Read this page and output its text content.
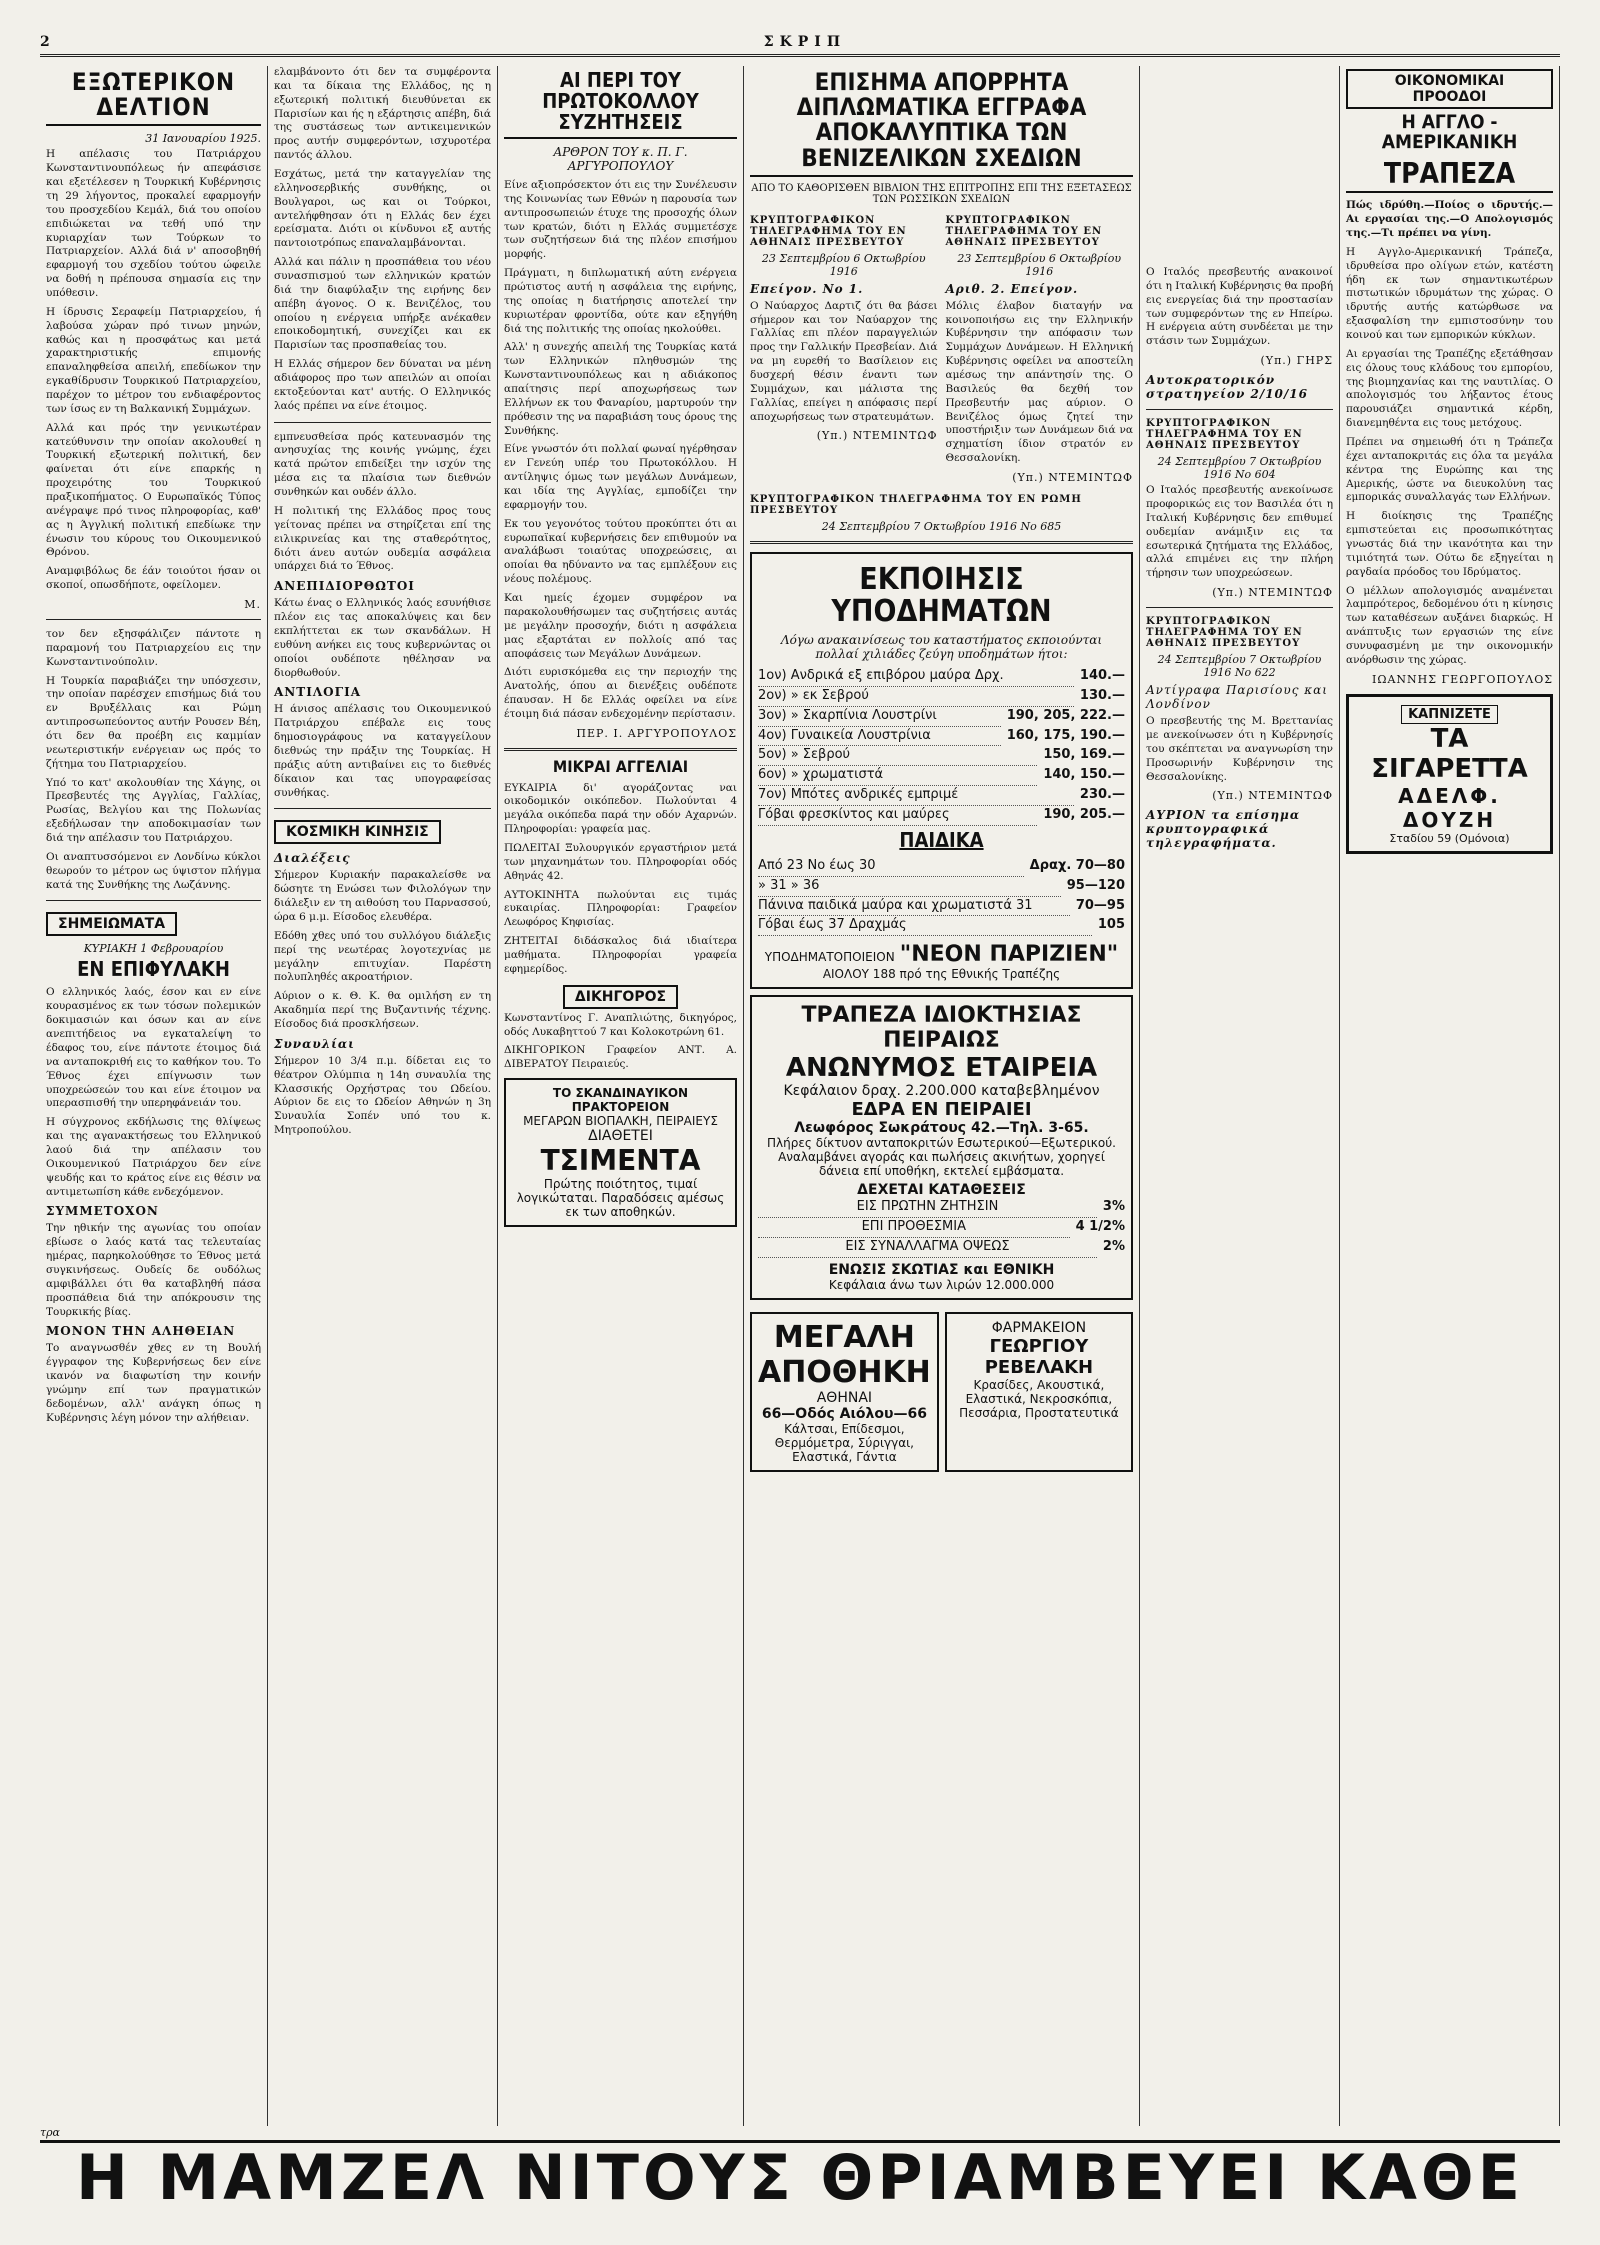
2	ΣΚΡΙΠ
ΕΞΩΤΕΡΙΚΟΝ ΔΕΛΤΙΟΝ
31 Ιανουαρίου 1925.

Η απέλασις του Πατριάρχου Κωνσταντινουπόλεως ήν απεφάσισε και εξετέλεσεν η Τουρκική Κυβέρνησις τη 29 λήγοντος, προκαλεί εφαρμογήν του προσχεδίου Κεμάλ, διά του οποίου επιδιώκεται να τεθή υπό την κυριαρχίαν των Τούρκων το Πατριαρχείον. Αλλά διά ν' αποσοβηθή εφαρμογή του σχεδίου τούτου ώφειλε να δοθή η πρέπουσα σημασία εις την υπόθεσιν.

Η ίδρυσις Σεραφείμ Πατριαρχείου, ή λαβούσα χώραν πρό τινων μηνών, καθώς και η προσφάτως και μετά χαρακτηριστικής επιμονής επαναληφθείσα απειλή, επεδίωκον την εγκαθίδρυσιν Τουρκικού Πατριαρχείου, παρέχον το μέτρον του ενδιαφέροντος των ίσως εν τη Βαλκανική Συμμάχων.

Αλλά και πρός την γενικωτέραν κατεύθυνσιν την οποίαν ακολουθεί η Τουρκική εξωτερική πολιτική, δεν φαίνεται ότι είνε επαρκής η προχειρότης του Τουρκικού πραξικοπήματος. Ο Ευρωπαϊκός Τύπος ανέγραψε πρό τινος πληροφορίας, καθ' ας η Άγγλική πολιτική επεδίωκε την ένωσιν του κύρους του Οικουμενικού Θρόνου.

Αναμφιβόλως δε έάν τοιούτοι ήσαν οι σκοποί, οπωσδήποτε, οφείλομεν.

Μ.

τον δεν εξησφάλιζεν πάντοτε η παραμονή του Πατριαρχείου εις την Κωνσταντινούπολιν.

Η Τουρκία παραβιάζει την υπόσχεσιν, την οποίαν παρέσχεν επισήμως διά του εν Βρυξέλλαις και Ρώμη αντιπροσωπεύοντος αυτήν Ρουσεν Βέη, ότι δεν θα προέβη εις καμμίαν νεωτεριστικήν ενέργειαν ως πρός το ζήτημα του Πατριαρχείου.

Υπό το κατ' ακολουθίαν της Χάγης, οι Πρεσβευτές της Αγγλίας, Γαλλίας, Ρωσίας, Βελγίου και της Πολωνίας εξεδήλωσαν την αποδοκιμασίαν των διά την απέλασιν του Πατριάρχου.

Οι αναπτυσσόμενοι εν Λονδίνω κύκλοι θεωρούν το μέτρον ως ύψιστον πλήγμα κατά της Συνθήκης της Λωζάννης.

ΣΗΜΕΙΩΜΑΤΑ
ΚΥΡΙΑΚΗ 1 Φεβρουαρίου
ΕΝ ΕΠΙΦΥΛΑΚΗ

Ο ελληνικός λαός, έσον και εν είνε κουρασμένος εκ των τόσων πολεμικών δοκιμασιών και όσων και αν είνε ανεπιτήδειος να εγκαταλείψη το έδαφος του, είνε πάντοτε έτοιμος διά να ανταποκριθή εις το καθήκον του. Το Έθνος έχει επίγνωσιν των υποχρεώσεών του και είνε έτοιμον να υπερασπισθή την υπερηφάνειάν του.

Η σύγχρονος εκδήλωσις της θλίψεως και της αγανακτήσεως του Ελληνικού λαού διά την απέλασιν του Οικουμενικού Πατριάρχου δεν είνε ψευδής και το κράτος είνε εις θέσιν να αντιμετωπίση κάθε ενδεχόμενον.

ΣΥΜΜΕΤΟΧΟΝ

Την ηθικήν της αγωνίας του οποίαν εβίωσε ο λαός κατά τας τελευταίας ημέρας, παρηκολούθησε το Έθνος μετά συγκινήσεως. Ουδείς δε ουδόλως αμφιβάλλει ότι θα καταβληθή πάσα προσπάθεια διά την απόκρουσιν της Τουρκικής βίας.

ΜΟΝΟΝ ΤΗΝ ΑΛΗΘΕΙΑΝ

Το αναγνωσθέν χθες εν τη Βουλή έγγραφον της Κυβερνήσεως δεν είνε ικανόν να διαφωτίση την κοινήν γνώμην επί των πραγματικών δεδομένων, αλλ' ανάγκη όπως η Κυβέρνησις λέγη μόνον την αλήθειαν.

ελαμβάνοντο ότι δεν τα συμφέροντα και τα δίκαια της Ελλάδος, ης η εξωτερική πολιτική διευθύνεται εκ Παρισίων και ής η εξάρτησις απέβη, διά της συστάσεως των αντικειμενικών προς αυτήν συμφερόντων, ισχυροτέρα παντός άλλου.

Εσχάτως, μετά την καταγγελίαν της ελληνοσερβικής συνθήκης, οι Βουλγαροι, ως και οι Τούρκοι, αντελήφθησαν ότι η Ελλάς δεν έχει ερείσματα. Διότι οι κίνδυνοι εξ αυτής παντοιοτρόπως επαναλαμβάνονται.

Αλλά και πάλιν η προσπάθεια του νέου συνασπισμού των ελληνικών κρατών διά την διαφύλαξιν της ειρήνης δεν απέβη άγονος. Ο κ. Βενιζέλος, του οποίου η ενέργεια υπήρξε ανέκαθεν εποικοδομητική, συνεχίζει και εκ Παρισίων τας προσπαθείας του.

Η Ελλάς σήμερον δεν δύναται να μένη αδιάφορος προ των απειλών αι οποίαι εκτοξεύονται κατ' αυτής. Ο Ελληνικός λαός πρέπει να είνε έτοιμος.

εμπνευσθείσα πρός κατευνασμόν της ανησυχίας της κοινής γνώμης, έχει κατά πρώτον επιδείξει την ισχύν της μέσα εις τα πλαίσια των διεθνών συνθηκών και ουδέν άλλο.

Η πολιτική της Ελλάδος προς τους γείτονας πρέπει να στηρίζεται επί της ειλικρινείας και της σταθερότητος, διότι άνευ αυτών ουδεμία ασφάλεια υπάρχει διά το Έθνος.

ΑΝΕΠΙΔΙΟΡΘΩΤΟΙ

Κάτω ένας ο Ελληνικός λαός εσυνήθισε πλέον εις τας αποκαλύψεις και δεν εκπλήττεται εκ των σκανδάλων. Η ευθύνη ανήκει εις τους κυβερνώντας οι οποίοι ουδέποτε ηθέλησαν να διορθωθούν.

ΑΝΤΙΛΟΓΙΑ

Η άνισος απέλασις του Οικουμενικού Πατριάρχου επέβαλε εις τους δημοσιογράφους να καταγγείλουν διεθνώς την πράξιν της Τουρκίας. Η πράξις αύτη αντιβαίνει εις το διεθνές δίκαιον και τας υπογραφείσας συνθήκας.

ΚΟΣΜΙΚΗ ΚΙΝΗΣΙΣ
Διαλέξεις

Σήμερον Κυριακήν παρακαλείσθε να δώσητε τη Ενώσει των Φιλολόγων την διάλεξιν εν τη αιθούση του Παρνασσού, ώρα 6 μ.μ. Είσοδος ελευθέρα.

Εδόθη χθες υπό του συλλόγου διάλεξις περί της νεωτέρας λογοτεχνίας με μεγάλην επιτυχίαν. Παρέστη πολυπληθές ακροατήριον.

Αύριον ο κ. Θ. Κ. θα ομιλήση εν τη Ακαδημία περί της Βυζαντινής τέχνης. Είσοδος διά προσκλήσεων.

Συναυλίαι

Σήμερον 10 3/4 π.μ. δίδεται εις το θέατρον Ολύμπια η 14η συναυλία της Κλασσικής Ορχήστρας του Ωδείου. Αύριον δε εις το Ωδείον Αθηνών η 3η Συναυλία Σοπέν υπό του κ. Μητροπούλου.

ΑΙ ΠΕΡΙ ΤΟΥ ΠΡΩΤΟΚΟΛΛΟΥ ΣΥΖΗΤΗΣΕΙΣ
ΑΡΘΡΟΝ ΤΟΥ κ. Π. Γ. ΑΡΓΥΡΟΠΟΥΛΟΥ

Είνε αξιοπρόσεκτον ότι εις την Συνέλευσιν της Κοινωνίας των Εθνών η παρουσία των αντιπροσωπειών έτυχε της προσοχής όλων των κρατών, διότι η Ελλάς συμμετέσχε των συζητήσεων διά της πλέον επισήμου μορφής.

Πράγματι, η διπλωματική αύτη ενέργεια πρώτιστος αυτή η ασφάλεια της ειρήνης, της οποίας η διατήρησις αποτελεί την κυριωτέραν φροντίδα, ούτε καν εξηγήθη διά της πολιτικής της οποίας ηκολούθει.

Αλλ' η συνεχής απειλή της Τουρκίας κατά των Ελληνικών πληθυσμών της Κωνσταντινουπόλεως και η αδιάκοπος απαίτησις περί αποχωρήσεως των Ελλήνων εκ του Φαναρίου, μαρτυρούν την πρόθεσιν της να παραβιάση τους όρους της Συνθήκης.

Είνε γνωστόν ότι πολλαί φωναί ηγέρθησαν εν Γενεύη υπέρ του Πρωτοκόλλου. Η αντίληψις όμως των μεγάλων Δυνάμεων, και ιδία της Αγγλίας, εμποδίζει την εφαρμογήν του.

Εκ του γεγονότος τούτου προκύπτει ότι αι ευρωπαϊκαί κυβερνήσεις δεν επιθυμούν να αναλάβωσι τοιαύτας υποχρεώσεις, αι οποίαι θα ηδύναντο να τας εμπλέξουν εις νέους πολέμους.

Και ημείς έχομεν συμφέρον να παρακολουθήσωμεν τας συζητήσεις αυτάς με μεγάλην προσοχήν, διότι η ασφάλεια μας εξαρτάται εν πολλοίς από τας αποφάσεις των Μεγάλων Δυνάμεων.

Διότι ευρισκόμεθα εις την περιοχήν της Ανατολής, όπου αι διενέξεις ουδέποτε έπαυσαν. Η δε Ελλάς οφείλει να είνε έτοιμη διά πάσαν ενδεχομένην περίστασιν.

ΠΕΡ. Ι. ΑΡΓΥΡΟΠΟΥΛΟΣ
ΜΙΚΡΑΙ ΑΓΓΕΛΙΑΙ

ΕΥΚΑΙΡΙΑ δι' αγοράζοντας ναι οικοδομικόν οικόπεδον. Πωλούνται 4 μεγάλα οικόπεδα παρά την οδόν Αχαρνών. Πληροφορίαι: γραφεία μας.

ΠΩΛΕΙΤΑΙ Ξυλουργικόν εργαστήριον μετά των μηχανημάτων του. Πληροφορίαι οδός Αθηνάς 42.

ΑΥΤΟΚΙΝΗΤΑ πωλούνται εις τιμάς ευκαιρίας. Πληροφορίαι: Γραφείον Λεωφόρος Κηφισίας.

ΖΗΤΕΙΤΑΙ διδάσκαλος διά ιδιαίτερα μαθήματα. Πληροφορίαι γραφεία εφημερίδος.

ΔΙΚΗΓΟΡΟΣ

Κωνσταντίνος Γ. Αναπλιώτης, δικηγόρος, οδός Λυκαβηττού 7 και Κολοκοτρώνη 61.

ΔΙΚΗΓΟΡΙΚΟΝ Γραφείον ΑΝΤ. Α. ΔΙΒΕΡΑΤΟΥ Πειραιεύς.

ΤΟ ΣΚΑΝΔΙΝΑΥΙΚΟΝ ΠΡΑΚΤΟΡΕΙΟΝ
ΜΕΓΑΡΩΝ ΒΙΟΠΑΛΚΗ, ΠΕΙΡΑΙΕΥΣ
ΔΙΑΘΕΤΕΙ
ΤΣΙΜΕΝΤΑ
Πρώτης ποιότητος, τιμαί λογικώταται. Παραδόσεις αμέσως εκ των αποθηκών.
ΕΠΙΣΗΜΑ ΑΠΟΡΡΗΤΑ ΔΙΠΛΩΜΑΤΙΚΑ ΕΓΓΡΑΦΑ ΑΠΟΚΑΛΥΠΤΙΚΑ ΤΩΝ ΒΕΝΙΖΕΛΙΚΩΝ ΣΧΕΔΙΩΝ
ΑΠΟ ΤΟ ΚΑΘΟΡΙΣΘΕΝ ΒΙΒΛΙΟΝ ΤΗΣ ΕΠΙΤΡΟΠΗΣ ΕΠΙ ΤΗΣ ΕΞΕΤΑΣΕΩΣ ΤΩΝ ΡΩΣΣΙΚΩΝ ΣΧΕΔΙΩΝ
ΚΡΥΠΤΟΓΡΑΦΙΚΟΝ ΤΗΛΕΓΡΑΦΗΜΑ ΤΟΥ ΕΝ ΑΘΗΝΑΙΣ ΠΡΕΣΒΕΥΤΟΥ
23 Σεπτεμβρίου 6 Οκτωβρίου 1916
Επείγον. Νο 1.

Ο Ναύαρχος Δαρτιζ ότι θα βάσει σήμερον και τον Ναύαρχον της Γαλλίας επι πλέον παραγγελιών προς την Γαλλικήν Πρεσβείαν. Διά να μη ευρεθή το Βασίλειον εις δυσχερή θέσιν έναντι των Συμμάχων, και μάλιστα της Γαλλίας, επείγει η απόφασις περί αποχωρήσεως των στρατευμάτων.

(Υπ.) ΝΤΕΜΙΝΤΩΦ
ΚΡΥΠΤΟΓΡΑΦΙΚΟΝ ΤΗΛΕΓΡΑΦΗΜΑ ΤΟΥ ΕΝ ΑΘΗΝΑΙΣ ΠΡΕΣΒΕΥΤΟΥ
23 Σεπτεμβρίου 6 Οκτωβρίου 1916
Αριθ. 2. Επείγον.

Μόλις έλαβον διαταγήν να κοινοποιήσω εις την Ελληνικήν Κυβέρνησιν την απόφασιν των Συμμάχων Δυνάμεων. Η Ελληνική Κυβέρνησις οφείλει να αποστείλη αμέσως την απάντησίν της. Ο Βασιλεύς θα δεχθή τον Πρεσβευτήν μας αύριον. Ο Βενιζέλος όμως ζητεί την υποστήριξιν των Δυνάμεων διά να σχηματίση ίδιον στρατόν εν Θεσσαλονίκη.

(Υπ.) ΝΤΕΜΙΝΤΩΦ
ΚΡΥΠΤΟΓΡΑΦΙΚΟΝ ΤΗΛΕΓΡΑΦΗΜΑ ΤΟΥ ΕΝ ΡΩΜΗ ΠΡΕΣΒΕΥΤΟΥ
24 Σεπτεμβρίου 7 Οκτωβρίου 1916 Νο 685
ΕΚΠΟΙΗΣΙΣ ΥΠΟΔΗΜΑΤΩΝ
Λόγω ανακαινίσεως του καταστήματος εκποιούνται πολλαί χιλιάδες ζεύγη υποδημάτων ήτοι:
1ον) Ανδρικά εξ επιβόρου μαύρα Δρχ.	140.—
2ον) » εκ Σεβρού	130.—
3ον) » Σκαρπίνια Λουστρίνι	190, 205, 222.—
4ον) Γυναικεία Λουστρίνια	160, 175, 190.—
5ον) » Σεβρού	150, 169.—
6ον) » χρωματιστά	140, 150.—
7ον) Μπότες ανδρικές εμπριμέ	230.—
Γόβαι φρεσκίντος και μαύρες	190, 205.—
ΠΑΙΔΙΚΑ
Από 23 Νο έως 30	Δραχ. 70—80
» 31 » 36	95—120
Πάνινα παιδικά μαύρα και χρωματιστά 31	70—95
Γόβαι έως 37 Δραχμάς	105
ΥΠΟΔΗΜΑΤΟΠΟΙΕΙΟΝ "ΝΕΟΝ ΠΑΡΙΖΙΕΝ"
ΑΙΟΛΟΥ 188 πρό της Εθνικής Τραπέζης
ΤΡΑΠΕΖΑ ΙΔΙΟΚΤΗΣΙΑΣ ΠΕΙΡΑΙΩΣ
ΑΝΩΝΥΜΟΣ ΕΤΑΙΡΕΙΑ
Κεφάλαιον δραχ. 2.200.000 καταβεβλημένον
ΕΔΡΑ ΕΝ ΠΕΙΡΑΙΕΙ
Λεωφόρος Σωκράτους 42.—Τηλ. 3-65.
Πλήρες δίκτυον ανταποκριτών Εσωτερικού—Εξωτερικού. Αναλαμβάνει αγοράς και πωλήσεις ακινήτων, χορηγεί δάνεια επί υποθήκη, εκτελεί εμβάσματα.
ΔΕΧΕΤΑΙ ΚΑΤΑΘΕΣΕΙΣ
ΕΙΣ ΠΡΩΤΗΝ ΖΗΤΗΣΙΝ	3%
ΕΠΙ ΠΡΟΘΕΣΜΙΑ	4 1/2%
ΕΙΣ ΣΥΝΑΛΛΑΓΜΑ ΟΨΕΩΣ	2%
ΕΝΩΣΙΣ ΣΚΩΤΙΑΣ και ΕΘΝΙΚΗ
Κεφάλαια άνω των λιρών 12.000.000
ΜΕΓΑΛΗ ΑΠΟΘΗΚΗ
ΑΘΗΝΑΙ
66—Οδός Αιόλου—66
Κάλτσαι, Επίδεσμοι, Θερμόμετρα, Σύριγγαι, Ελαστικά, Γάντια
ΦΑΡΜΑΚΕΙΟΝ
ΓΕΩΡΓΙΟΥ ΡΕΒΕΛΑΚΗ
Κρασίδες, Ακουστικά, Ελαστικά, Νεκροσκόπια, Πεσσάρια, Προστατευτικά

Ο Ιταλός πρεσβευτής ανακοινοί ότι η Ιταλική Κυβέρνησις θα προβή εις ενεργείας διά την προστασίαν των συμφερόντων της εν Ηπείρω. Η ενέργεια αύτη συνδέεται με την στάσιν των Συμμάχων.

(Υπ.) ΓΗΡΣ
Αυτοκρατορικόν στρατηγείον 2/10/16
ΚΡΥΠΤΟΓΡΑΦΙΚΟΝ ΤΗΛΕΓΡΑΦΗΜΑ ΤΟΥ ΕΝ ΑΘΗΝΑΙΣ ΠΡΕΣΒΕΥΤΟΥ
24 Σεπτεμβρίου 7 Οκτωβρίου 1916 Νο 604

Ο Ιταλός πρεσβευτής ανεκοίνωσε προφορικώς εις τον Βασιλέα ότι η Ιταλική Κυβέρνησις δεν επιθυμεί ουδεμίαν ανάμιξιν εις τα εσωτερικά ζητήματα της Ελλάδος, αλλά επιμένει εις την πλήρη τήρησιν των υποχρεώσεων.

(Υπ.) ΝΤΕΜΙΝΤΩΦ
ΚΡΥΠΤΟΓΡΑΦΙΚΟΝ ΤΗΛΕΓΡΑΦΗΜΑ ΤΟΥ ΕΝ ΑΘΗΝΑΙΣ ΠΡΕΣΒΕΥΤΟΥ
24 Σεπτεμβρίου 7 Οκτωβρίου 1916 Νο 622
Αντίγραφα Παρισίους και Λονδίνον

Ο πρεσβευτής της Μ. Βρεττανίας με ανεκοίνωσεν ότι η Κυβέρνησίς του σκέπτεται να αναγνωρίση την Προσωρινήν Κυβέρνησιν της Θεσσαλονίκης.

(Υπ.) ΝΤΕΜΙΝΤΩΦ
ΑΥΡΙΟΝ τα επίσημα κρυπτογραφικά τηλεγραφήματα.
ΟΙΚΟΝΟΜΙΚΑΙ ΠΡΟΟΔΟΙ
Η ΑΓΓΛΟ - ΑΜΕΡΙΚΑΝΙΚΗ
ΤΡΑΠΕΖΑ

Πώς ιδρύθη.—Ποίος ο ιδρυτής.—Αι εργασίαι της.—Ο Απολογισμός της.—Τι πρέπει να γίνη.

Η Αγγλο-Αμερικανική Τράπεζα, ιδρυθείσα προ ολίγων ετών, κατέστη ήδη εκ των σημαντικωτέρων πιστωτικών ιδρυμάτων της χώρας. Ο ιδρυτής αυτής κατώρθωσε να εξασφαλίση την εμπιστοσύνην του κοινού και των εμπορικών κύκλων.

Αι εργασίαι της Τραπέζης εξετάθησαν εις όλους τους κλάδους του εμπορίου, της βιομηχανίας και της ναυτιλίας. Ο απολογισμός του λήξαντος έτους παρουσιάζει σημαντικά κέρδη, διανεμηθέντα εις τους μετόχους.

Πρέπει να σημειωθή ότι η Τράπεζα έχει ανταποκριτάς εις όλα τα μεγάλα κέντρα της Ευρώπης και της Αμερικής, ώστε να διευκολύνη τας εμπορικάς συναλλαγάς των Ελλήνων.

Η διοίκησις της Τραπέζης εμπιστεύεται εις προσωπικότητας γνωστάς διά την ικανότητα και την τιμιότητά των. Ούτω δε εξηγείται η ραγδαία πρόοδος του Ιδρύματος.

Ο μέλλων απολογισμός αναμένεται λαμπρότερος, δεδομένου ότι η κίνησις των καταθέσεων αυξάνει διαρκώς. Η ανάπτυξις των εργασιών της είνε συνυφασμένη με την οικονομικήν ανόρθωσιν της χώρας.

ΙΩΑΝΝΗΣ ΓΕΩΡΓΟΠΟΥΛΟΣ
ΚΑΠΝΙΖΕΤΕ
ΤΑ ΣΙΓΑΡΕΤΤΑ
ΑΔΕΛΦ. ΔΟΥΖΗ
Σταδίου 59 (Ομόνοια)
τρα
Η ΜΑΜΖΕΛ ΝΙΤΟΥΣ ΘΡΙΑΜΒΕΥΕΙ ΚΑΘΕ
